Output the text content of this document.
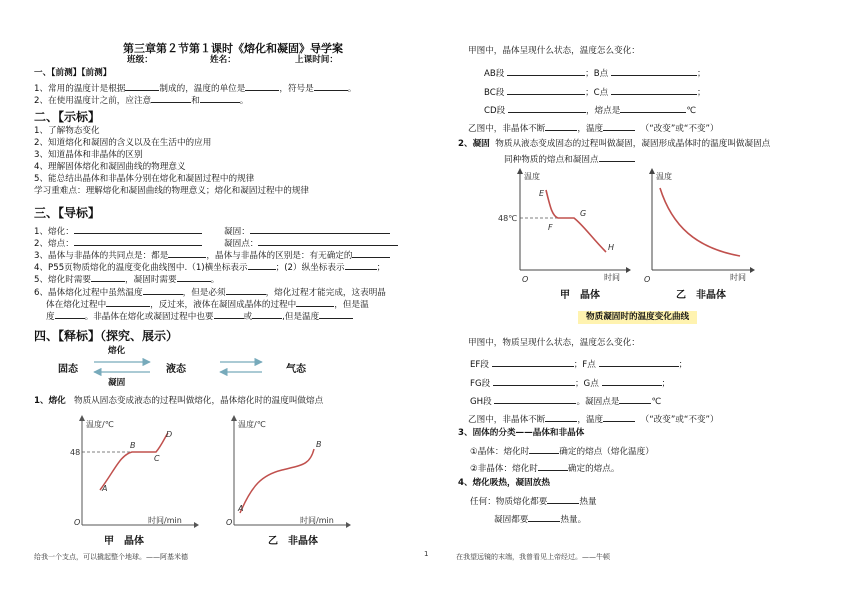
第三章第２节第１课时《熔化和凝固》导学案
班级：	姓名：	上课时间：
一、【前测】【前测】
1、常用的温度计是根据	制成的，温度的单位是	，符号是	。
2、在使用温度计之前，应注意	和	。
二、【示标】
1、了解物态变化
2、知道熔化和凝固的含义以及在生活中的应用
3、知道晶体和非晶体的区别
4、理解固体熔化和凝固曲线的物理意义
5、能总结出晶体和非晶体分别在熔化和凝固过程中的规律
学习重难点：理解熔化和凝固曲线的物理意义；熔化和凝固过程中的规律
三、【导标】
1、熔化：	凝固：
2、熔点：	凝固点：
3、晶体与非晶体的共同点是：都是	，晶体与非晶体的区别是：有无确定的
4、P55页物质熔化的温度变化曲线图中.（1)横坐标表示	；(2）纵坐标表示	；
5、熔化时需要	，凝固时需要	。
6、晶体熔化过程中虽然温度	，但是必须	，熔化过程才能完成，这表明晶
体在熔化过程中	，反过来，液体在凝固成晶体的过程中	，但是温
度	。非晶体在熔化或凝固过程中也要	或	,但是温度
四、【释标】（探究、展示）
固态	液态	气态
熔化
凝固
1、熔化 物质从固态变成液态的过程叫做熔化，晶体熔化时的温度叫做熔点
温度/℃
时间/min
O
48
A
B
C
D
甲　晶体
温度/℃
时间/min
O
A
B
乙　非晶体
给我一个支点，可以撬起整个地球。——阿基米德	1	在我望远镜的末端，我曾看见上帝经过。——牛顿
甲图中，晶体呈现什么状态，温度怎么变化：
AB段	；B点	；
BC段	；C点	；
CD段	，熔点是	℃
乙图中，非晶体不断	，温度	（“改变”或“不变”）
2、凝固 物质从液态变成固态的过程叫做凝固，凝固形成晶体时的温度叫做凝固点
同种物质的熔点和凝固点
温度
时间
O
48℃
E
F
G
H
甲　晶体
温度
时间
O
乙　非晶体
物质凝固时的温度变化曲线
甲图中，物质呈现什么状态，温度怎么变化：
EF段	；F点	；
FG段	；G点	；
GH段	。凝固点是	℃
乙图中，非晶体不断	，温度	（“改变”或“不变”）
3、固体的分类——晶体和非晶体
①晶体：熔化时	确定的熔点（熔化温度）
②非晶体：熔化时	确定的熔点。
4、熔化吸热，凝固放热
任何：物质熔化都要	热量
凝固都要	热量。
